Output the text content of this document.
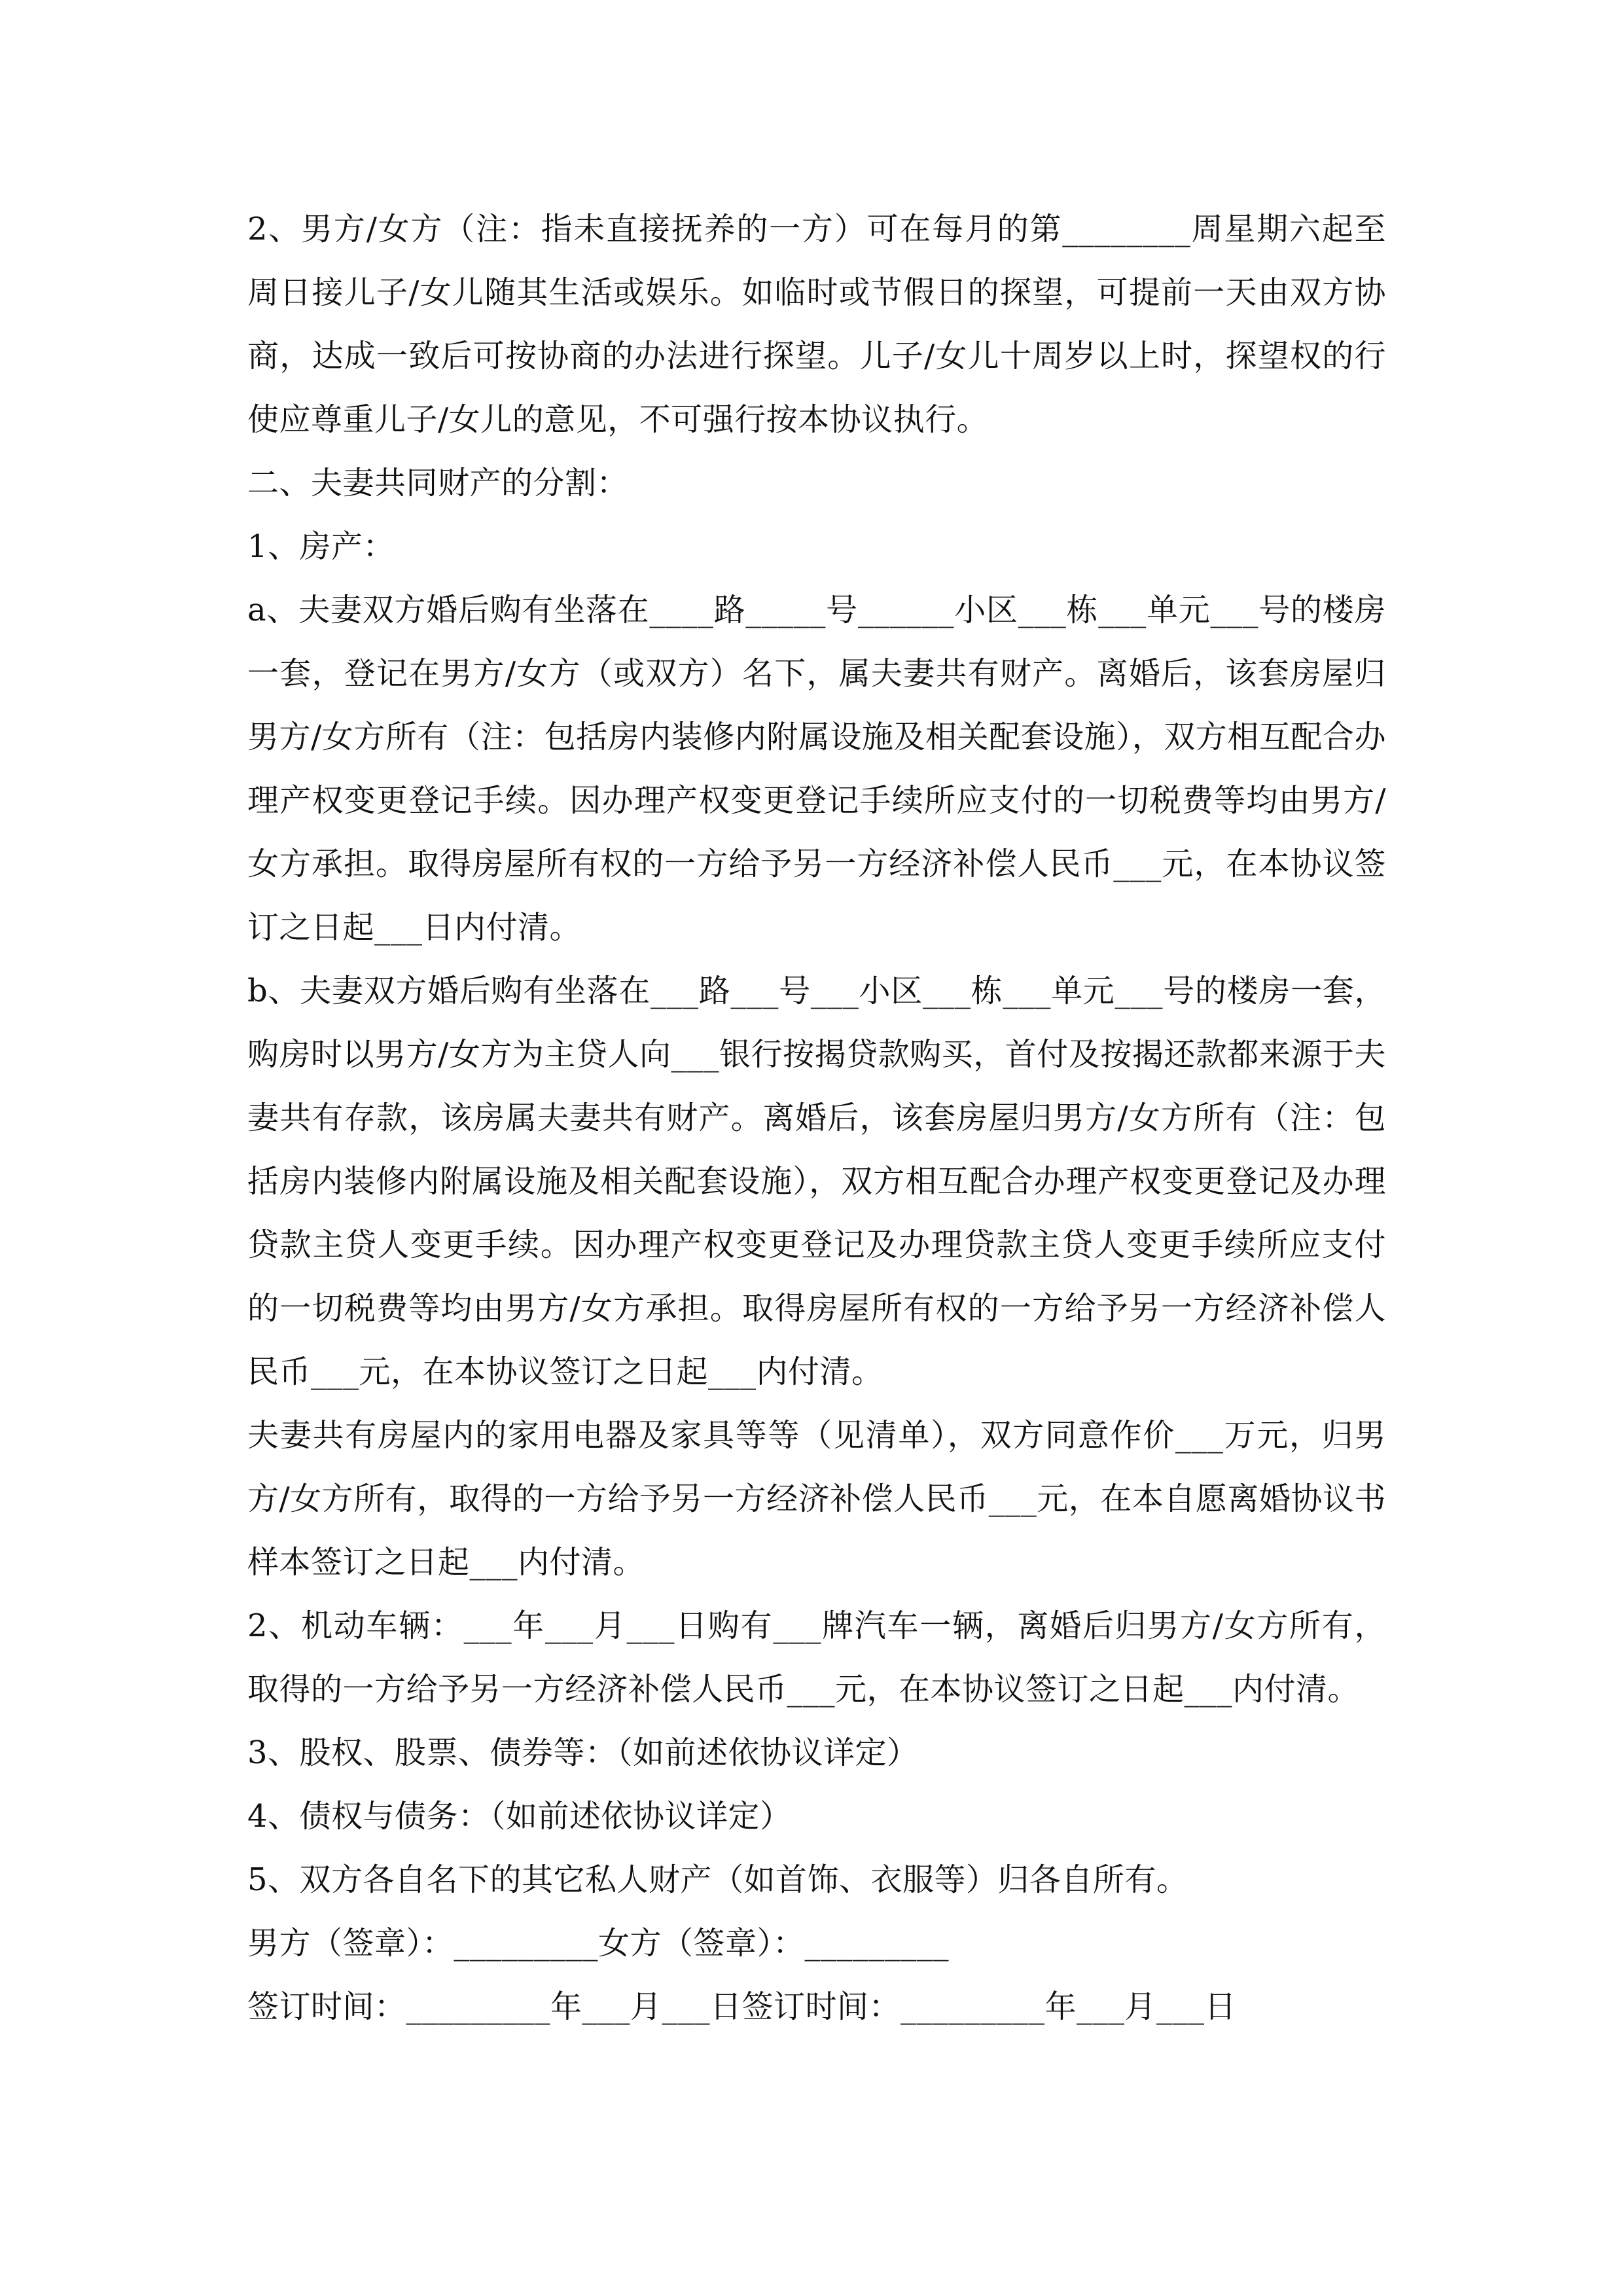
2、男方/女方（注：指未直接抚养的一方）可在每月的第________周星期六起至周日接儿子/女儿随其生活或娱乐。如临时或节假日的探望，可提前一天由双方协商，达成一致后可按协商的办法进行探望。儿子/女儿十周岁以上时，探望权的行使应尊重儿子/女儿的意见，不可强行按本协议执行。

二、夫妻共同财产的分割：

1、房产：

a、夫妻双方婚后购有坐落在____路_____号______小区___栋___单元___号的楼房一套，登记在男方/女方（或双方）名下，属夫妻共有财产。离婚后，该套房屋归男方/女方所有（注：包括房内装修内附属设施及相关配套设施），双方相互配合办理产权变更登记手续。因办理产权变更登记手续所应支付的一切税费等均由男方/女方承担。取得房屋所有权的一方给予另一方经济补偿人民币___元，在本协议签订之日起___日内付清。

b、夫妻双方婚后购有坐落在___路___号___小区___栋___单元___号的楼房一套，购房时以男方/女方为主贷人向___银行按揭贷款购买，首付及按揭还款都来源于夫妻共有存款，该房属夫妻共有财产。离婚后，该套房屋归男方/女方所有（注：包括房内装修内附属设施及相关配套设施），双方相互配合办理产权变更登记及办理贷款主贷人变更手续。因办理产权变更登记及办理贷款主贷人变更手续所应支付的一切税费等均由男方/女方承担。取得房屋所有权的一方给予另一方经济补偿人民币___元，在本协议签订之日起___内付清。

夫妻共有房屋内的家用电器及家具等等（见清单），双方同意作价___万元，归男方/女方所有，取得的一方给予另一方经济补偿人民币___元，在本自愿离婚协议书样本签订之日起___内付清。

2、机动车辆：___年___月___日购有___牌汽车一辆，离婚后归男方/女方所有，取得的一方给予另一方经济补偿人民币___元，在本协议签订之日起___内付清。

3、股权、股票、债券等：（如前述依协议详定）

4、债权与债务：（如前述依协议详定）

5、双方各自名下的其它私人财产（如首饰、衣服等）归各自所有。

男方（签章）：_________女方（签章）：_________

签订时间：_________年___月___日签订时间：_________年___月___日
